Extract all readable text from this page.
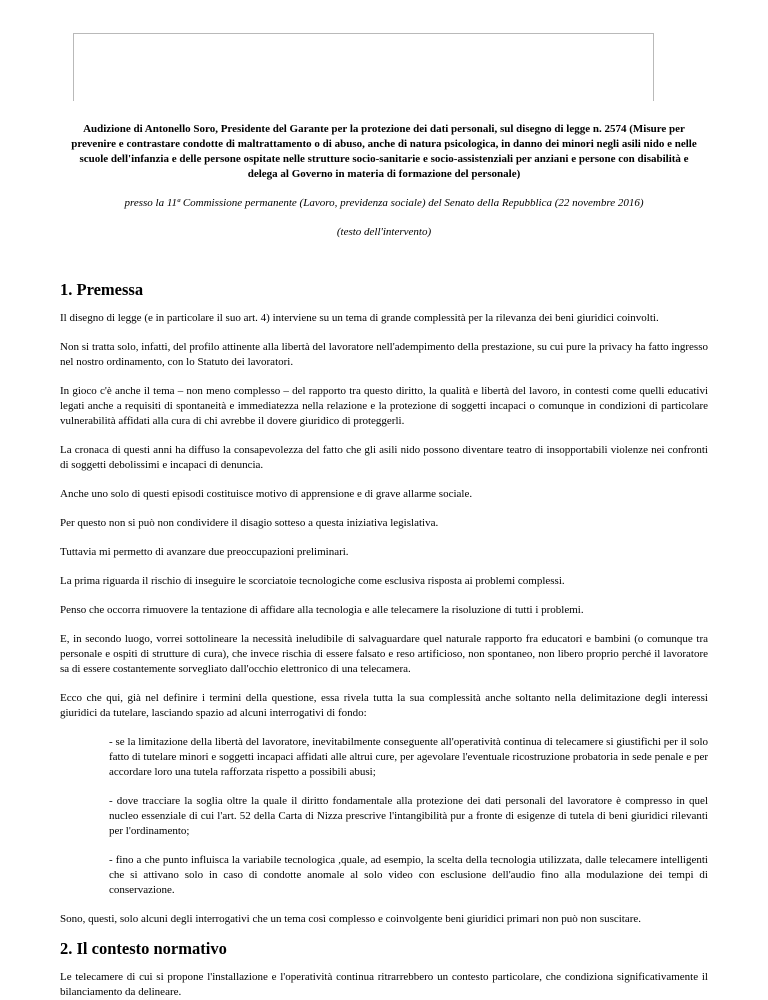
Audizione di Antonello Soro, Presidente del Garante per la protezione dei dati personali, sul disegno di legge n. 2574 (Misure per prevenire e contrastare condotte di maltrattamento o di abuso, anche di natura psicologica, in danno dei minori negli asili nido e nelle scuole dell'infanzia e delle persone ospitate nelle strutture socio-sanitarie e socio-assistenziali per anziani e persone con disabilità e delega al Governo in materia di formazione del personale)

presso la 11ª Commissione permanente (Lavoro, previdenza sociale) del Senato della Repubblica (22 novembre 2016)

(testo dell'intervento)

1. Premessa

Il disegno di legge (e in particolare il suo art. 4) interviene su un tema di grande complessità per la rilevanza dei beni giuridici coinvolti.

Non si tratta solo, infatti, del profilo attinente alla libertà del lavoratore nell'adempimento della prestazione, su cui pure la privacy ha fatto ingresso nel nostro ordinamento, con lo Statuto dei lavoratori.

In gioco c'è anche il tema – non meno complesso – del rapporto tra questo diritto, la qualità e libertà del lavoro, in contesti come quelli educativi legati anche a requisiti di spontaneità e immediatezza nella relazione e la protezione di soggetti incapaci o comunque in condizioni di particolare vulnerabilità affidati alla cura di chi avrebbe il dovere giuridico di proteggerli.

La cronaca di questi anni ha diffuso la consapevolezza del fatto che gli asili nido possono diventare teatro di insopportabili violenze nei confronti di soggetti debolissimi e incapaci di denuncia.

Anche uno solo di questi episodi costituisce motivo di apprensione e di grave allarme sociale.

Per questo non si può non condividere il disagio sotteso a questa iniziativa legislativa.

Tuttavia mi permetto di avanzare due preoccupazioni preliminari.

La prima riguarda il rischio di inseguire le scorciatoie tecnologiche come esclusiva risposta ai problemi complessi.

Penso che occorra rimuovere la tentazione di affidare alla tecnologia e alle telecamere la risoluzione di tutti i problemi.

E, in secondo luogo, vorrei sottolineare la necessità ineludibile di salvaguardare quel naturale rapporto fra educatori e bambini (o comunque tra personale e ospiti di strutture di cura), che invece rischia di essere falsato e reso artificioso, non spontaneo, non libero proprio perché il lavoratore sa di essere costantemente sorvegliato dall'occhio elettronico di una telecamera.

Ecco che qui, già nel definire i termini della questione, essa rivela tutta la sua complessità anche soltanto nella delimitazione degli interessi giuridici da tutelare, lasciando spazio ad alcuni interrogativi di fondo:

- se la limitazione della libertà del lavoratore, inevitabilmente conseguente all'operatività continua di telecamere si giustifichi per il solo fatto di tutelare minori e soggetti incapaci affidati alle altrui cure, per agevolare l'eventuale ricostruzione probatoria in sede penale e per accordare loro una tutela rafforzata rispetto a possibili abusi;

- dove tracciare la soglia oltre la quale il diritto fondamentale alla protezione dei dati personali del lavoratore è compresso in quel nucleo essenziale di cui l'art. 52 della Carta di Nizza prescrive l'intangibilità pur a fronte di esigenze di tutela di beni giuridici rilevanti per l'ordinamento;

- fino a che punto influisca la variabile tecnologica ,quale, ad esempio, la scelta della tecnologia utilizzata, dalle telecamere intelligenti che si attivano solo in caso di condotte anomale al solo video con esclusione dell'audio fino alla modulazione dei tempi di conservazione.

Sono, questi, solo alcuni degli interrogativi che un tema così complesso e coinvolgente beni giuridici primari non può non suscitare.

2. Il contesto normativo

Le telecamere di cui si propone l'installazione e l'operatività continua ritrarrebbero un contesto particolare, che condiziona significativamente il bilanciamento da delineare.
